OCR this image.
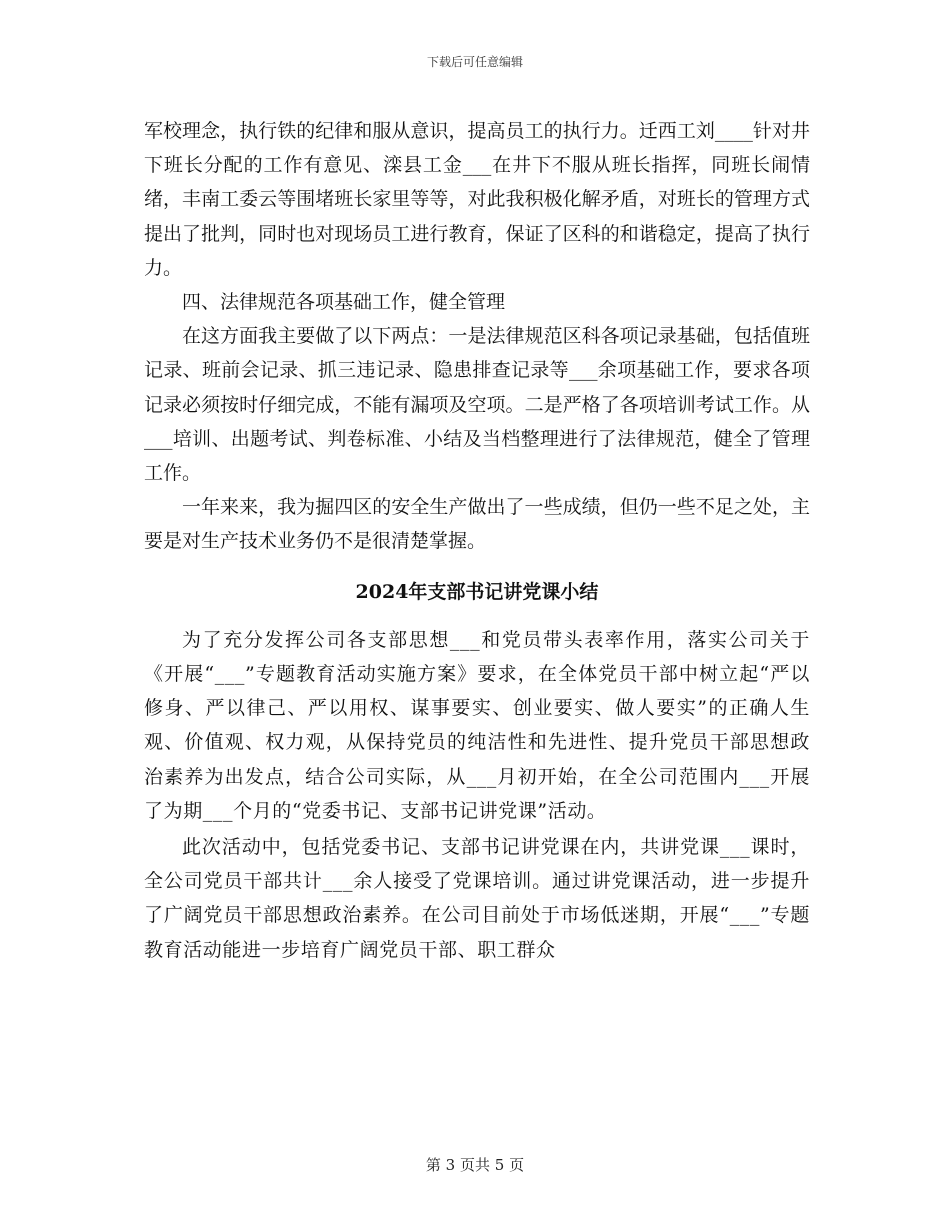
下载后可任意编辑

军校理念，执行铁的纪律和服从意识，提高员工的执行力。迁西工刘____针对井下班长分配的工作有意见、滦县工金___在井下不服从班长指挥，同班长闹情绪，丰南工委云等围堵班长家里等等，对此我积极化解矛盾，对班长的管理方式提出了批判，同时也对现场员工进行教育，保证了区科的和谐稳定，提高了执行力。

四、法律规范各项基础工作，健全管理

在这方面我主要做了以下两点：一是法律规范区科各项记录基础，包括值班记录、班前会记录、抓三违记录、隐患排查记录等___余项基础工作，要求各项记录必须按时仔细完成，不能有漏项及空项。二是严格了各项培训考试工作。从___培训、出题考试、判卷标准、小结及当档整理进行了法律规范，健全了管理工作。

一年来来，我为掘四区的安全生产做出了一些成绩，但仍一些不足之处，主要是对生产技术业务仍不是很清楚掌握。

2024年支部书记讲党课小结

为了充分发挥公司各支部思想___和党员带头表率作用，落实公司关于《开展“___”专题教育活动实施方案》要求，在全体党员干部中树立起“严以修身、严以律己、严以用权、谋事要实、创业要实、做人要实”的正确人生观、价值观、权力观，从保持党员的纯洁性和先进性、提升党员干部思想政治素养为出发点，结合公司实际，从___月初开始，在全公司范围内___开展了为期___个月的“党委书记、支部书记讲党课”活动。

此次活动中，包括党委书记、支部书记讲党课在内，共讲党课___课时，全公司党员干部共计___余人接受了党课培训。通过讲党课活动，进一步提升了广阔党员干部思想政治素养。在公司目前处于市场低迷期，开展“___”专题教育活动能进一步培育广阔党员干部、职工群众

第 3 页共 5 页
